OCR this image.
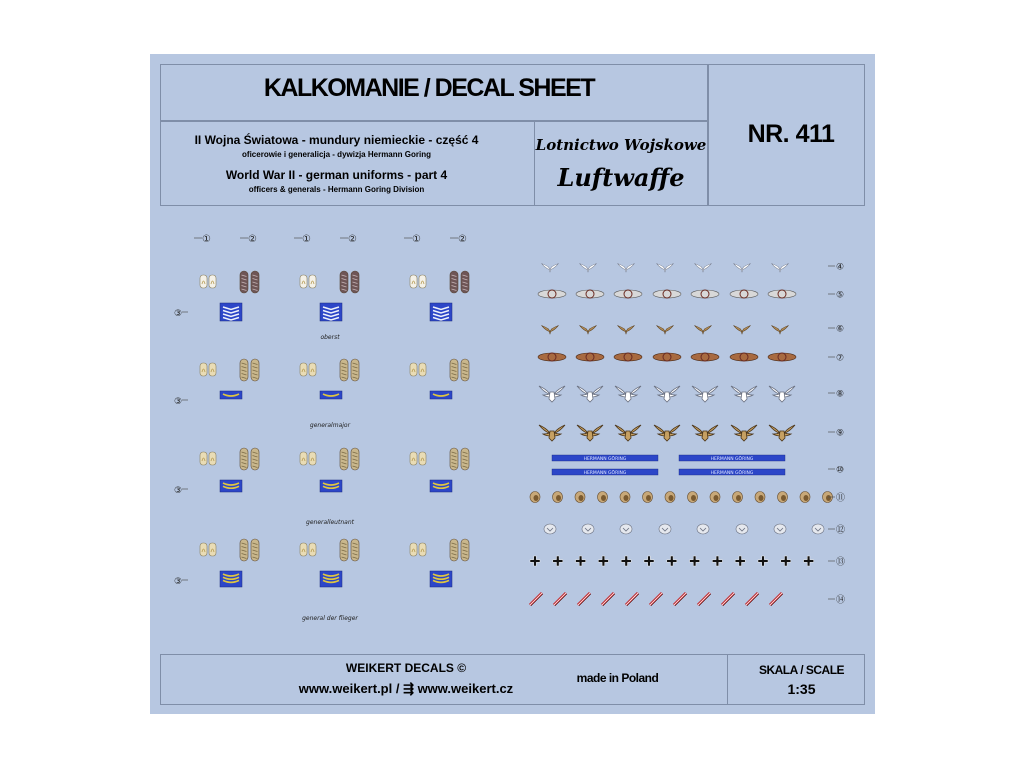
KALKOMANIE / DECAL SHEET
NR. 411
II Wojna Światowa - mundury niemieckie - część 4
oficerowie i generalicja - dywizja Hermann Goring
World War II - german uniforms - part 4
officers & generals - Hermann Goring Division
Lotnictwo Wojskowe
Luftwaffe
①	②	①	②	①	②
③
③
③
③
oberst
generalmajor
generalleutnant
general der flieger
HERMANN GÖRING	HERMANN GÖRING
HERMANN GÖRING	HERMANN GÖRING
④
⑤
⑥
⑦
⑧
⑨
⑩
⑪
⑫
⑬
⑭
WEIKERT DECALS ©
www.weikert.pl / ⇶ www.weikert.cz
made in Poland
SKALA / SCALE
1:35
